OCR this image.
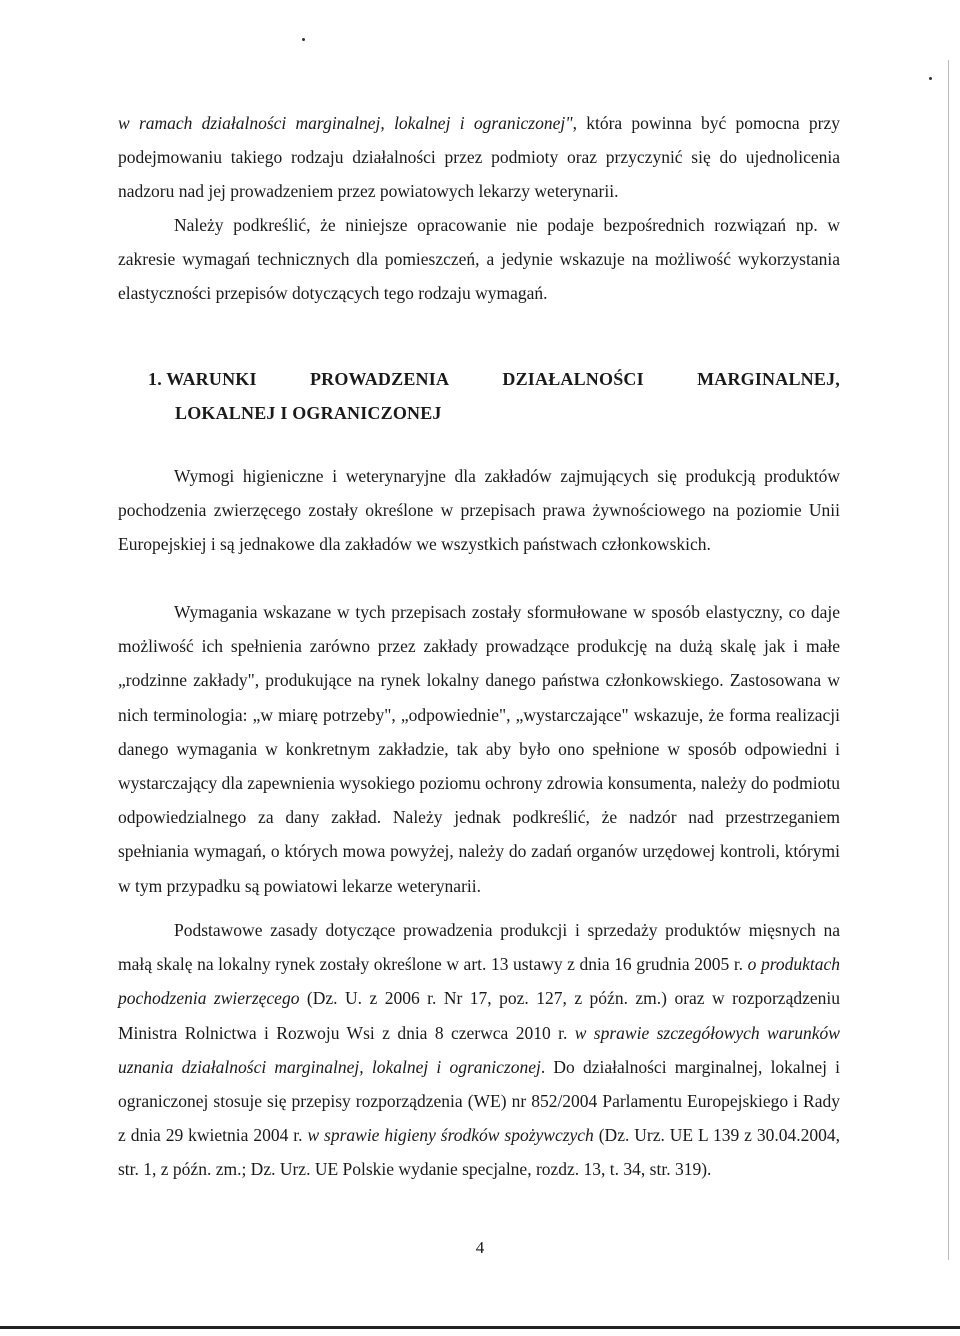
w ramach działalności marginalnej, lokalnej i ograniczonej", która powinna być pomocna przy podejmowaniu takiego rodzaju działalności przez podmioty oraz przyczynić się do ujednolicenia nadzoru nad jej prowadzeniem przez powiatowych lekarzy weterynarii.

Należy podkreślić, że niniejsze opracowanie nie podaje bezpośrednich rozwiązań np. w zakresie wymagań technicznych dla pomieszczeń, a jedynie wskazuje na możliwość wykorzystania elastyczności przepisów dotyczących tego rodzaju wymagań.

1. WARUNKI	PROWADZENIA	DZIAŁALNOŚCI	MARGINALNEJ,
LOKALNEJ I OGRANICZONEJ

Wymogi higieniczne i weterynaryjne dla zakładów zajmujących się produkcją produktów pochodzenia zwierzęcego zostały określone w przepisach prawa żywnościowego na poziomie Unii Europejskiej i są jednakowe dla zakładów we wszystkich państwach członkowskich.

Wymagania wskazane w tych przepisach zostały sformułowane w sposób elastyczny, co daje możliwość ich spełnienia zarówno przez zakłady prowadzące produkcję na dużą skalę jak i małe „rodzinne zakłady", produkujące na rynek lokalny danego państwa członkowskiego. Zastosowana w nich terminologia: „w miarę potrzeby", „odpowiednie", „wystarczające" wskazuje, że forma realizacji danego wymagania w konkretnym zakładzie, tak aby było ono spełnione w sposób odpowiedni i wystarczający dla zapewnienia wysokiego poziomu ochrony zdrowia konsumenta, należy do podmiotu odpowiedzialnego za dany zakład. Należy jednak podkreślić, że nadzór nad przestrzeganiem spełniania wymagań, o których mowa powyżej, należy do zadań organów urzędowej kontroli, którymi w tym przypadku są powiatowi lekarze weterynarii.

Podstawowe zasady dotyczące prowadzenia produkcji i sprzedaży produktów mięsnych na małą skalę na lokalny rynek zostały określone w art. 13 ustawy z dnia 16 grudnia 2005 r. o produktach pochodzenia zwierzęcego (Dz. U. z 2006 r. Nr 17, poz. 127, z późn. zm.) oraz w rozporządzeniu Ministra Rolnictwa i Rozwoju Wsi z dnia 8 czerwca 2010 r. w sprawie szczegółowych warunków uznania działalności marginalnej, lokalnej i ograniczonej. Do działalności marginalnej, lokalnej i ograniczonej stosuje się przepisy rozporządzenia (WE) nr 852/2004 Parlamentu Europejskiego i Rady z dnia 29 kwietnia 2004 r. w sprawie higieny środków spożywczych (Dz. Urz. UE L 139 z 30.04.2004, str. 1, z późn. zm.; Dz. Urz. UE Polskie wydanie specjalne, rozdz. 13, t. 34, str. 319).

4
